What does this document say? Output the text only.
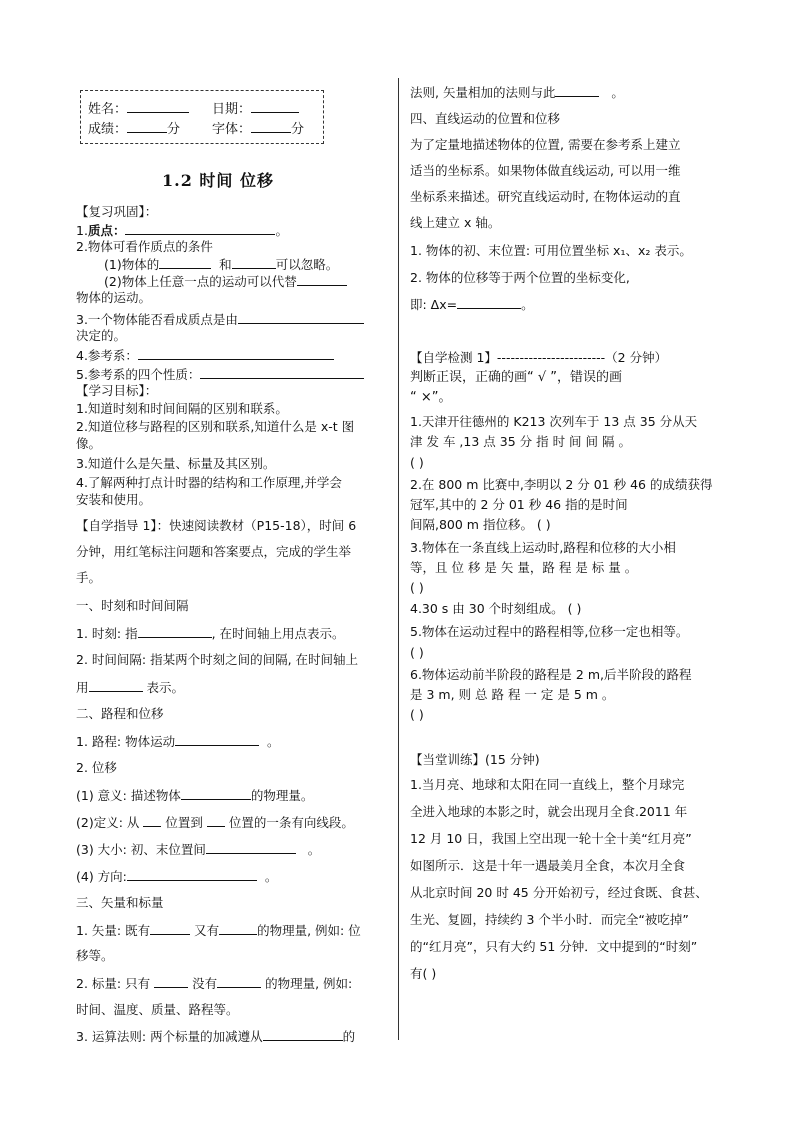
姓名：	日期：
成绩：	分 字体：	分
1.2 时间 位移
【复习巩固】：
1.质点：	。
2.物体可看作质点的条件
(1)物体的	和	可以忽略。
(2)物体上任意一点的运动可以代替
物体的运动。
3.一个物体能否看成质点是由
决定的。
4.参考系：
5.参考系的四个性质：
【学习目标】：
1.知道时刻和时间间隔的区别和联系。
2.知道位移与路程的区别和联系,知道什么是 x-t 图
像。
3.知道什么是矢量、标量及其区别。
4.了解两种打点计时器的结构和工作原理,并学会
安装和使用。
【自学指导 1】：快速阅读教材（P15-18），时间 6
分钟，用红笔标注问题和答案要点，完成的学生举
手。
一、时刻和时间间隔
1. 时刻: 指	, 在时间轴上用点表示。
2. 时间间隔: 指某两个时刻之间的间隔, 在时间轴上
用	表示。
二、路程和位移
1. 路程: 物体运动	。
2. 位移
(1) 意义: 描述物体	的物理量。
(2)定义: 从 位置到 位置的一条有向线段。
(3) 大小: 初、末位置间	。
(4) 方向:	。
三、矢量和标量
1. 矢量: 既有	又有	的物理量, 例如: 位
移等。
2. 标量: 只有	没有	的物理量, 例如:
时间、温度、质量、路程等。
3. 运算法则: 两个标量的加减遵从	的
法则, 矢量相加的法则与此	。
四、直线运动的位置和位移
为了定量地描述物体的位置, 需要在参考系上建立
适当的坐标系。如果物体做直线运动, 可以用一维
坐标系来描述。研究直线运动时, 在物体运动的直
线上建立 x 轴。
1. 物体的初、末位置: 可用位置坐标 x₁、x₂ 表示。
2. 物体的位移等于两个位置的坐标变化,
即: Δx=	。
【自学检测 1】------------------------（2 分钟）
判断正误，正确的画“ √ ”，错误的画
“ ×”。
1.天津开往德州的 K213 次列车于 13 点 35 分从天
津 发 车 ,13 点 35 分 指 时 间 间 隔 。
( )
2.在 800 m 比赛中,李明以 2 分 01 秒 46 的成绩获得
冠军,其中的 2 分 01 秒 46 指的是时间
间隔,800 m 指位移。 ( )
3.物体在一条直线上运动时,路程和位移的大小相
等，且 位 移 是 矢 量，路 程 是 标 量 。
( )
4.30 s 由 30 个时刻组成。 ( )
5.物体在运动过程中的路程相等,位移一定也相等。
( )
6.物体运动前半阶段的路程是 2 m,后半阶段的路程
是 3 m, 则 总 路 程 一 定 是 5 m 。
( )
【当堂训练】(15 分钟)
1.当月亮、地球和太阳在同一直线上，整个月球完
全进入地球的本影之时，就会出现月全食.2011 年
12 月 10 日，我国上空出现一轮十全十美“红月亮”
如图所示．这是十年一遇最美月全食，本次月全食
从北京时间 20 时 45 分开始初亏，经过食既、食甚、
生光、复圆，持续约 3 个半小时．而完全“被吃掉”
的“红月亮”，只有大约 51 分钟．文中提到的“时刻”
有( )
